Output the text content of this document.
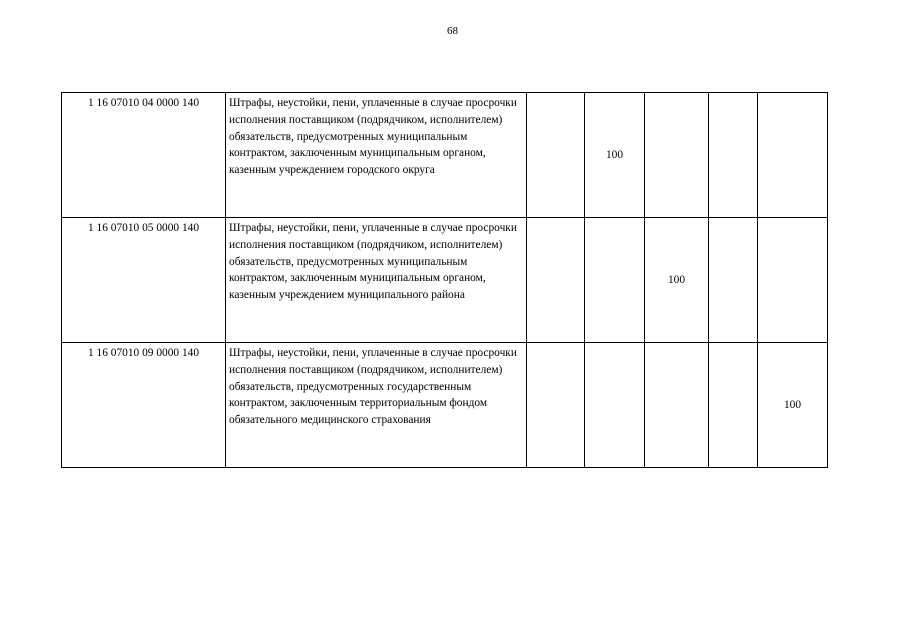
68
1 16 07010 04 0000 140	Штрафы, неустойки, пени, уплаченные в случае просрочки исполнения поставщиком (подрядчиком, исполнителем) обязательств, предусмотренных муниципальным контрактом, заключенным муниципальным органом, казенным учреждением городского округа		100			
1 16 07010 05 0000 140	Штрафы, неустойки, пени, уплаченные в случае просрочки исполнения поставщиком (подрядчиком, исполнителем) обязательств, предусмотренных муниципальным контрактом, заключенным муниципальным органом, казенным учреждением муниципального района			100		
1 16 07010 09 0000 140	Штрафы, неустойки, пени, уплаченные в случае просрочки исполнения поставщиком (подрядчиком, исполнителем) обязательств, предусмотренных государственным контрактом, заключенным территориальным фондом обязательного медицинского страхования					100
